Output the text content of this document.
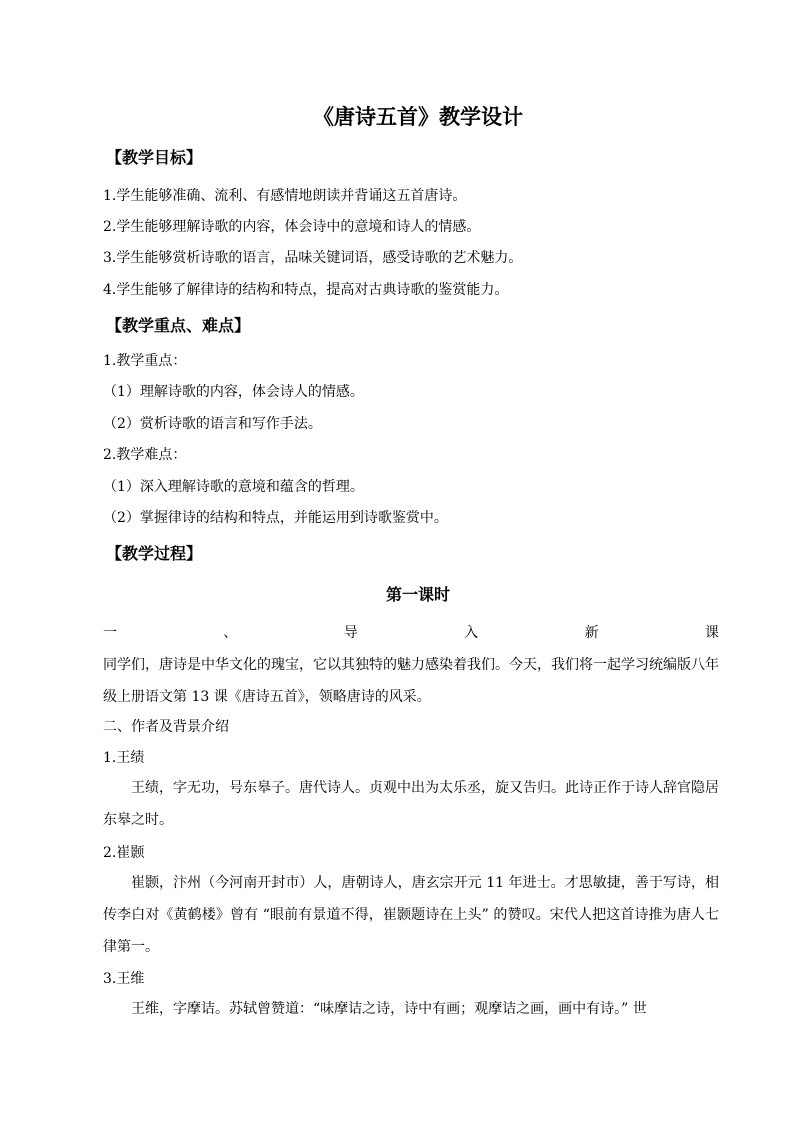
《唐诗五首》教学设计
【教学目标】
1.学生能够准确、流利、有感情地朗读并背诵这五首唐诗。
2.学生能够理解诗歌的内容，体会诗中的意境和诗人的情感。
3.学生能够赏析诗歌的语言，品味关键词语，感受诗歌的艺术魅力。
4.学生能够了解律诗的结构和特点，提高对古典诗歌的鉴赏能力。
【教学重点、难点】
1.教学重点：
（1）理解诗歌的内容，体会诗人的情感。
（2）赏析诗歌的语言和写作手法。
2.教学难点：
（1）深入理解诗歌的意境和蕴含的哲理。
（2）掌握律诗的结构和特点，并能运用到诗歌鉴赏中。
【教学过程】
第一课时
一	、	导	入	新	课
同学们，唐诗是中华文化的瑰宝，它以其独特的魅力感染着我们。今天，我们将一起学习统编版八年级上册语文第 13 课《唐诗五首》，领略唐诗的风采。
二、作者及背景介绍
1.王绩
王绩，字无功，号东皋子。唐代诗人。贞观中出为太乐丞，旋又告归。此诗正作于诗人辞官隐居东皋之时。
2.崔颢
崔颢，汴州（今河南开封市）人，唐朝诗人，唐玄宗开元 11 年进士。才思敏捷，善于写诗，相传李白对《黄鹤楼》曾有 “眼前有景道不得，崔颢题诗在上头” 的赞叹。宋代人把这首诗推为唐人七律第一。
3.王维
王维，字摩诘。苏轼曾赞道：“味摩诘之诗，诗中有画；观摩诘之画，画中有诗。” 世
